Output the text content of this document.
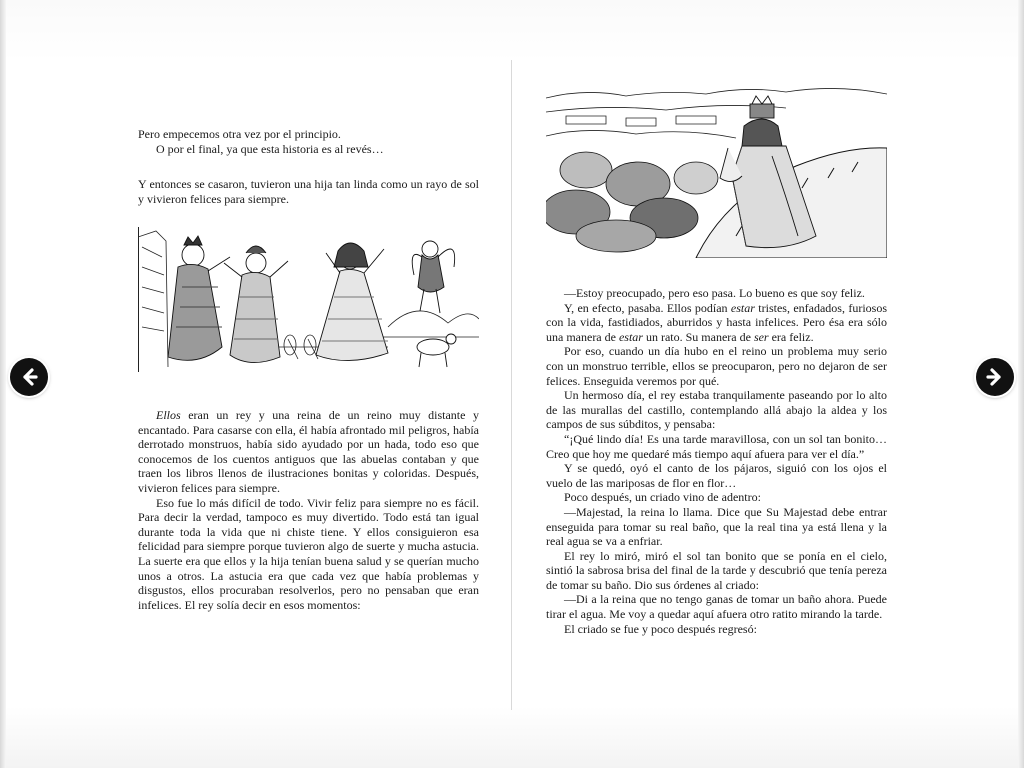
Pero empecemos otra vez por el principio.

O por el final, ya que esta historia es al revés…

Y entonces se casaron, tuvieron una hija tan linda como un rayo de sol y vivieron felices para siempre.

Ellos eran un rey y una reina de un reino muy distante y encantado. Para casarse con ella, él había afrontado mil peligros, había derrotado monstruos, había sido ayudado por un hada, todo eso que conocemos de los cuentos antiguos que las abuelas contaban y que traen los libros llenos de ilustraciones bonitas y coloridas. Después, vivieron felices para siempre.

Eso fue lo más difícil de todo. Vivir feliz para siempre no es fácil. Para decir la verdad, tampoco es muy divertido. Todo está tan igual durante toda la vida que ni chiste tiene. Y ellos consiguieron esa felicidad para siempre porque tuvieron algo de suerte y mucha astucia. La suerte era que ellos y la hija tenían buena salud y se querían mucho unos a otros. La astucia era que cada vez que había problemas y disgustos, ellos procuraban resolverlos, pero no pensaban que eran infelices. El rey solía decir en esos momentos:

—Estoy preocupado, pero eso pasa. Lo bueno es que soy feliz.

Y, en efecto, pasaba. Ellos podían estar tristes, enfadados, furiosos con la vida, fastidiados, aburridos y hasta infelices. Pero ésa era sólo una manera de estar un rato. Su manera de ser era feliz.

Por eso, cuando un día hubo en el reino un problema muy serio con un monstruo terrible, ellos se preocuparon, pero no dejaron de ser felices. Enseguida veremos por qué.

Un hermoso día, el rey estaba tranquilamente paseando por lo alto de las murallas del castillo, contemplando allá abajo la aldea y los campos de sus súbditos, y pensaba:

“¡Qué lindo día! Es una tarde maravillosa, con un sol tan bonito… Creo que hoy me quedaré más tiempo aquí afuera para ver el día.”

Y se quedó, oyó el canto de los pájaros, siguió con los ojos el vuelo de las mariposas de flor en flor…

Poco después, un criado vino de adentro:

—Majestad, la reina lo llama. Dice que Su Majestad debe entrar enseguida para tomar su real baño, que la real tina ya está llena y la real agua se va a enfriar.

El rey lo miró, miró el sol tan bonito que se ponía en el cielo, sintió la sabrosa brisa del final de la tarde y descubrió que tenía pereza de tomar su baño. Dio sus órdenes al criado:

—Di a la reina que no tengo ganas de tomar un baño ahora. Puede tirar el agua. Me voy a quedar aquí afuera otro ratito mirando la tarde.

El criado se fue y poco después regresó:
